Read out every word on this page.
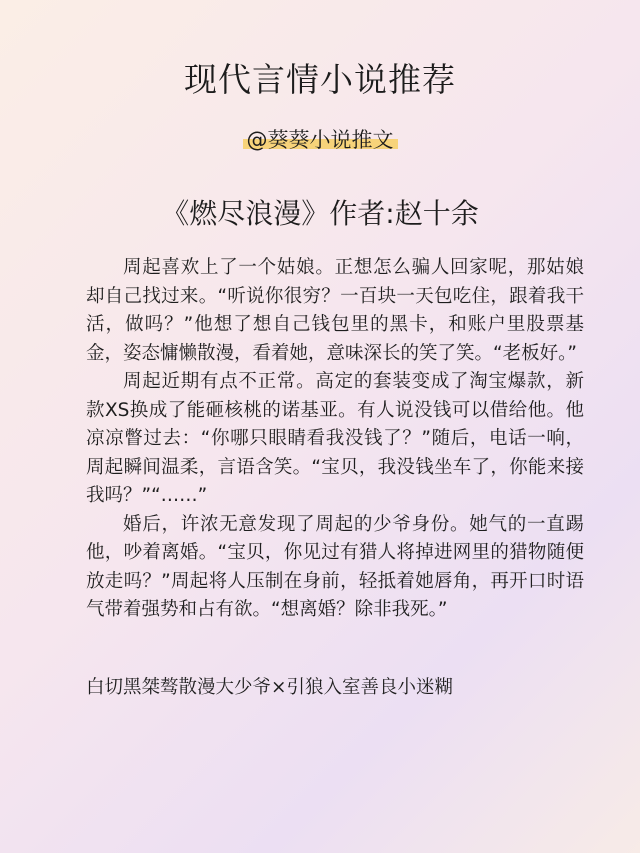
现代言情小说推荐
@葵葵小说推文
《燃尽浪漫》作者:赵十余

周起喜欢上了一个姑娘。正想怎么骗人回家呢，那姑娘却自己找过来。“听说你很穷？一百块一天包吃住，跟着我干活，做吗？”他想了想自己钱包里的黑卡，和账户里股票基金，姿态慵懒散漫，看着她，意味深长的笑了笑。“老板好。”

周起近期有点不正常。高定的套装变成了淘宝爆款，新款XS换成了能砸核桃的诺基亚。有人说没钱可以借给他。他凉凉瞥过去：“你哪只眼睛看我没钱了？”随后，电话一响，周起瞬间温柔，言语含笑。“宝贝，我没钱坐车了，你能来接我吗？”“……”

婚后，许浓无意发现了周起的少爷身份。她气的一直踢他，吵着离婚。“宝贝，你见过有猎人将掉进网里的猎物随便放走吗？”周起将人压制在身前，轻抵着她唇角，再开口时语气带着强势和占有欲。“想离婚？除非我死。”

白切黑桀骜散漫大少爷×引狼入室善良小迷糊
